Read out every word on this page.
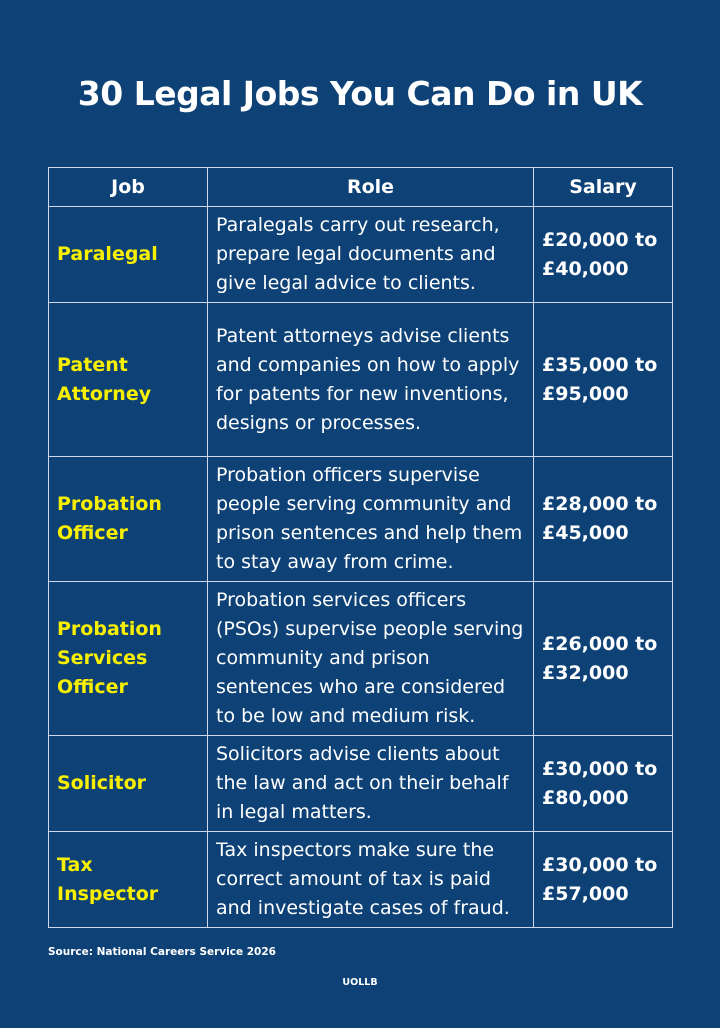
30 Legal Jobs You Can Do in UK
Job	Role	Salary
Paralegal	Paralegals carry out research, prepare legal documents and give legal advice to clients.	£20,000 to £40,000
Patent Attorney	Patent attorneys advise clients and companies on how to apply for patents for new inventions, designs or processes.	£35,000 to £95,000
Probation Officer	Probation officers supervise people serving community and prison sentences and help them to stay away from crime.	£28,000 to £45,000
Probation Services Officer	Probation services officers (PSOs) supervise people serving community and prison sentences who are considered to be low and medium risk.	£26,000 to £32,000
Solicitor	Solicitors advise clients about the law and act on their behalf in legal matters.	£30,000 to £80,000
Tax Inspector	Tax inspectors make sure the correct amount of tax is paid and investigate cases of fraud.	£30,000 to £57,000
Source: National Careers Service 2026
UOLLB
